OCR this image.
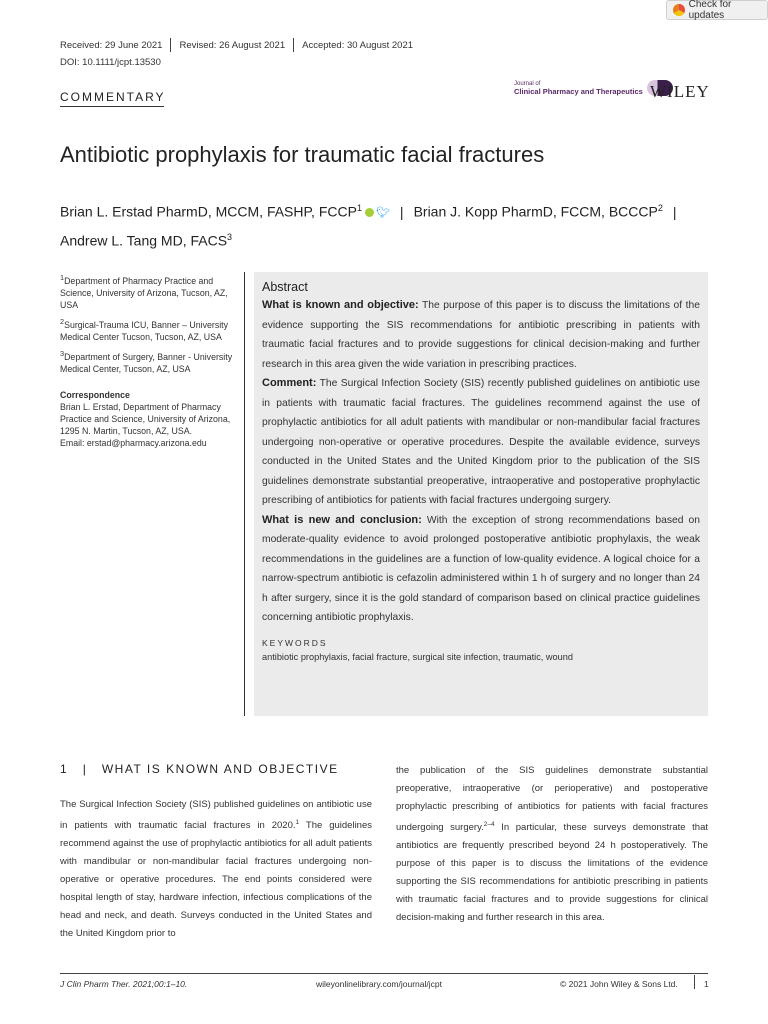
Check for updates
Received: 29 June 2021 Revised: 26 August 2021 Accepted: 30 August 2021
DOI: 10.1111/jcpt.13530
COMMENTARY
Journal of
Clinical Pharmacy and Therapeutics WILEY
Antibiotic prophylaxis for traumatic facial fractures
Brian L. Erstad PharmD, MCCM, FASHP, FCCP$^1$ 🐦︎ | Brian J. Kopp PharmD, FCCM, BCCCP$^2$ |
Andrew L. Tang MD, FACS$^3$

$^1$Department of Pharmacy Practice and Science, University of Arizona, Tucson, AZ, USA

$^2$Surgical-Trauma ICU, Banner – University Medical Center Tucson, Tucson, AZ, USA

$^3$Department of Surgery, Banner - University Medical Center, Tucson, AZ, USA

Correspondence

Brian L. Erstad, Department of Pharmacy Practice and Science, University of Arizona, 1295 N. Martin, Tucson, AZ, USA.

Email: erstad@pharmacy.arizona.edu

Abstract

What is known and objective: The purpose of this paper is to discuss the limitations of the evidence supporting the SIS recommendations for antibiotic prescribing in patients with traumatic facial fractures and to provide suggestions for clinical decision-making and further research in this area given the wide variation in prescribing practices.

Comment: The Surgical Infection Society (SIS) recently published guidelines on antibiotic use in patients with traumatic facial fractures. The guidelines recommend against the use of prophylactic antibiotics for all adult patients with mandibular or non-mandibular facial fractures undergoing non-operative or operative procedures. Despite the available evidence, surveys conducted in the United States and the United Kingdom prior to the publication of the SIS guidelines demonstrate substantial preoperative, intraoperative and postoperative prophylactic prescribing of antibiotics for patients with facial fractures undergoing surgery.

What is new and conclusion: With the exception of strong recommendations based on moderate-quality evidence to avoid prolonged postoperative antibiotic prophylaxis, the weak recommendations in the guidelines are a function of low-quality evidence. A logical choice for a narrow-spectrum antibiotic is cefazolin administered within 1 h of surgery and no longer than 24 h after surgery, since it is the gold standard of comparison based on clinical practice guidelines concerning antibiotic prophylaxis.

KEYWORDS
antibiotic prophylaxis, facial fracture, surgical site infection, traumatic, wound
1 | WHAT IS KNOWN AND OBJECTIVE

The Surgical Infection Society (SIS) published guidelines on antibiotic use in patients with traumatic facial fractures in 2020.$^1$ The guidelines recommend against the use of prophylactic antibiotics for all adult patients with mandibular or non-mandibular facial fractures undergoing non-operative or operative procedures. The end points considered were hospital length of stay, hardware infection, infectious complications of the head and neck, and death. Surveys conducted in the United States and the United Kingdom prior to

the publication of the SIS guidelines demonstrate substantial preoperative, intraoperative (or perioperative) and postoperative prophylactic prescribing of antibiotics for patients with facial fractures undergoing surgery.$^{2-4}$ In particular, these surveys demonstrate that antibiotics are frequently prescribed beyond 24 h postoperatively. The purpose of this paper is to discuss the limitations of the evidence supporting the SIS recommendations for antibiotic prescribing in patients with traumatic facial fractures and to provide suggestions for clinical decision-making and further research in this area.

J Clin Pharm Ther. 2021;00:1–10.	wileyonlinelibrary.com/journal/jcpt	© 2021 John Wiley & Sons Ltd.	1
